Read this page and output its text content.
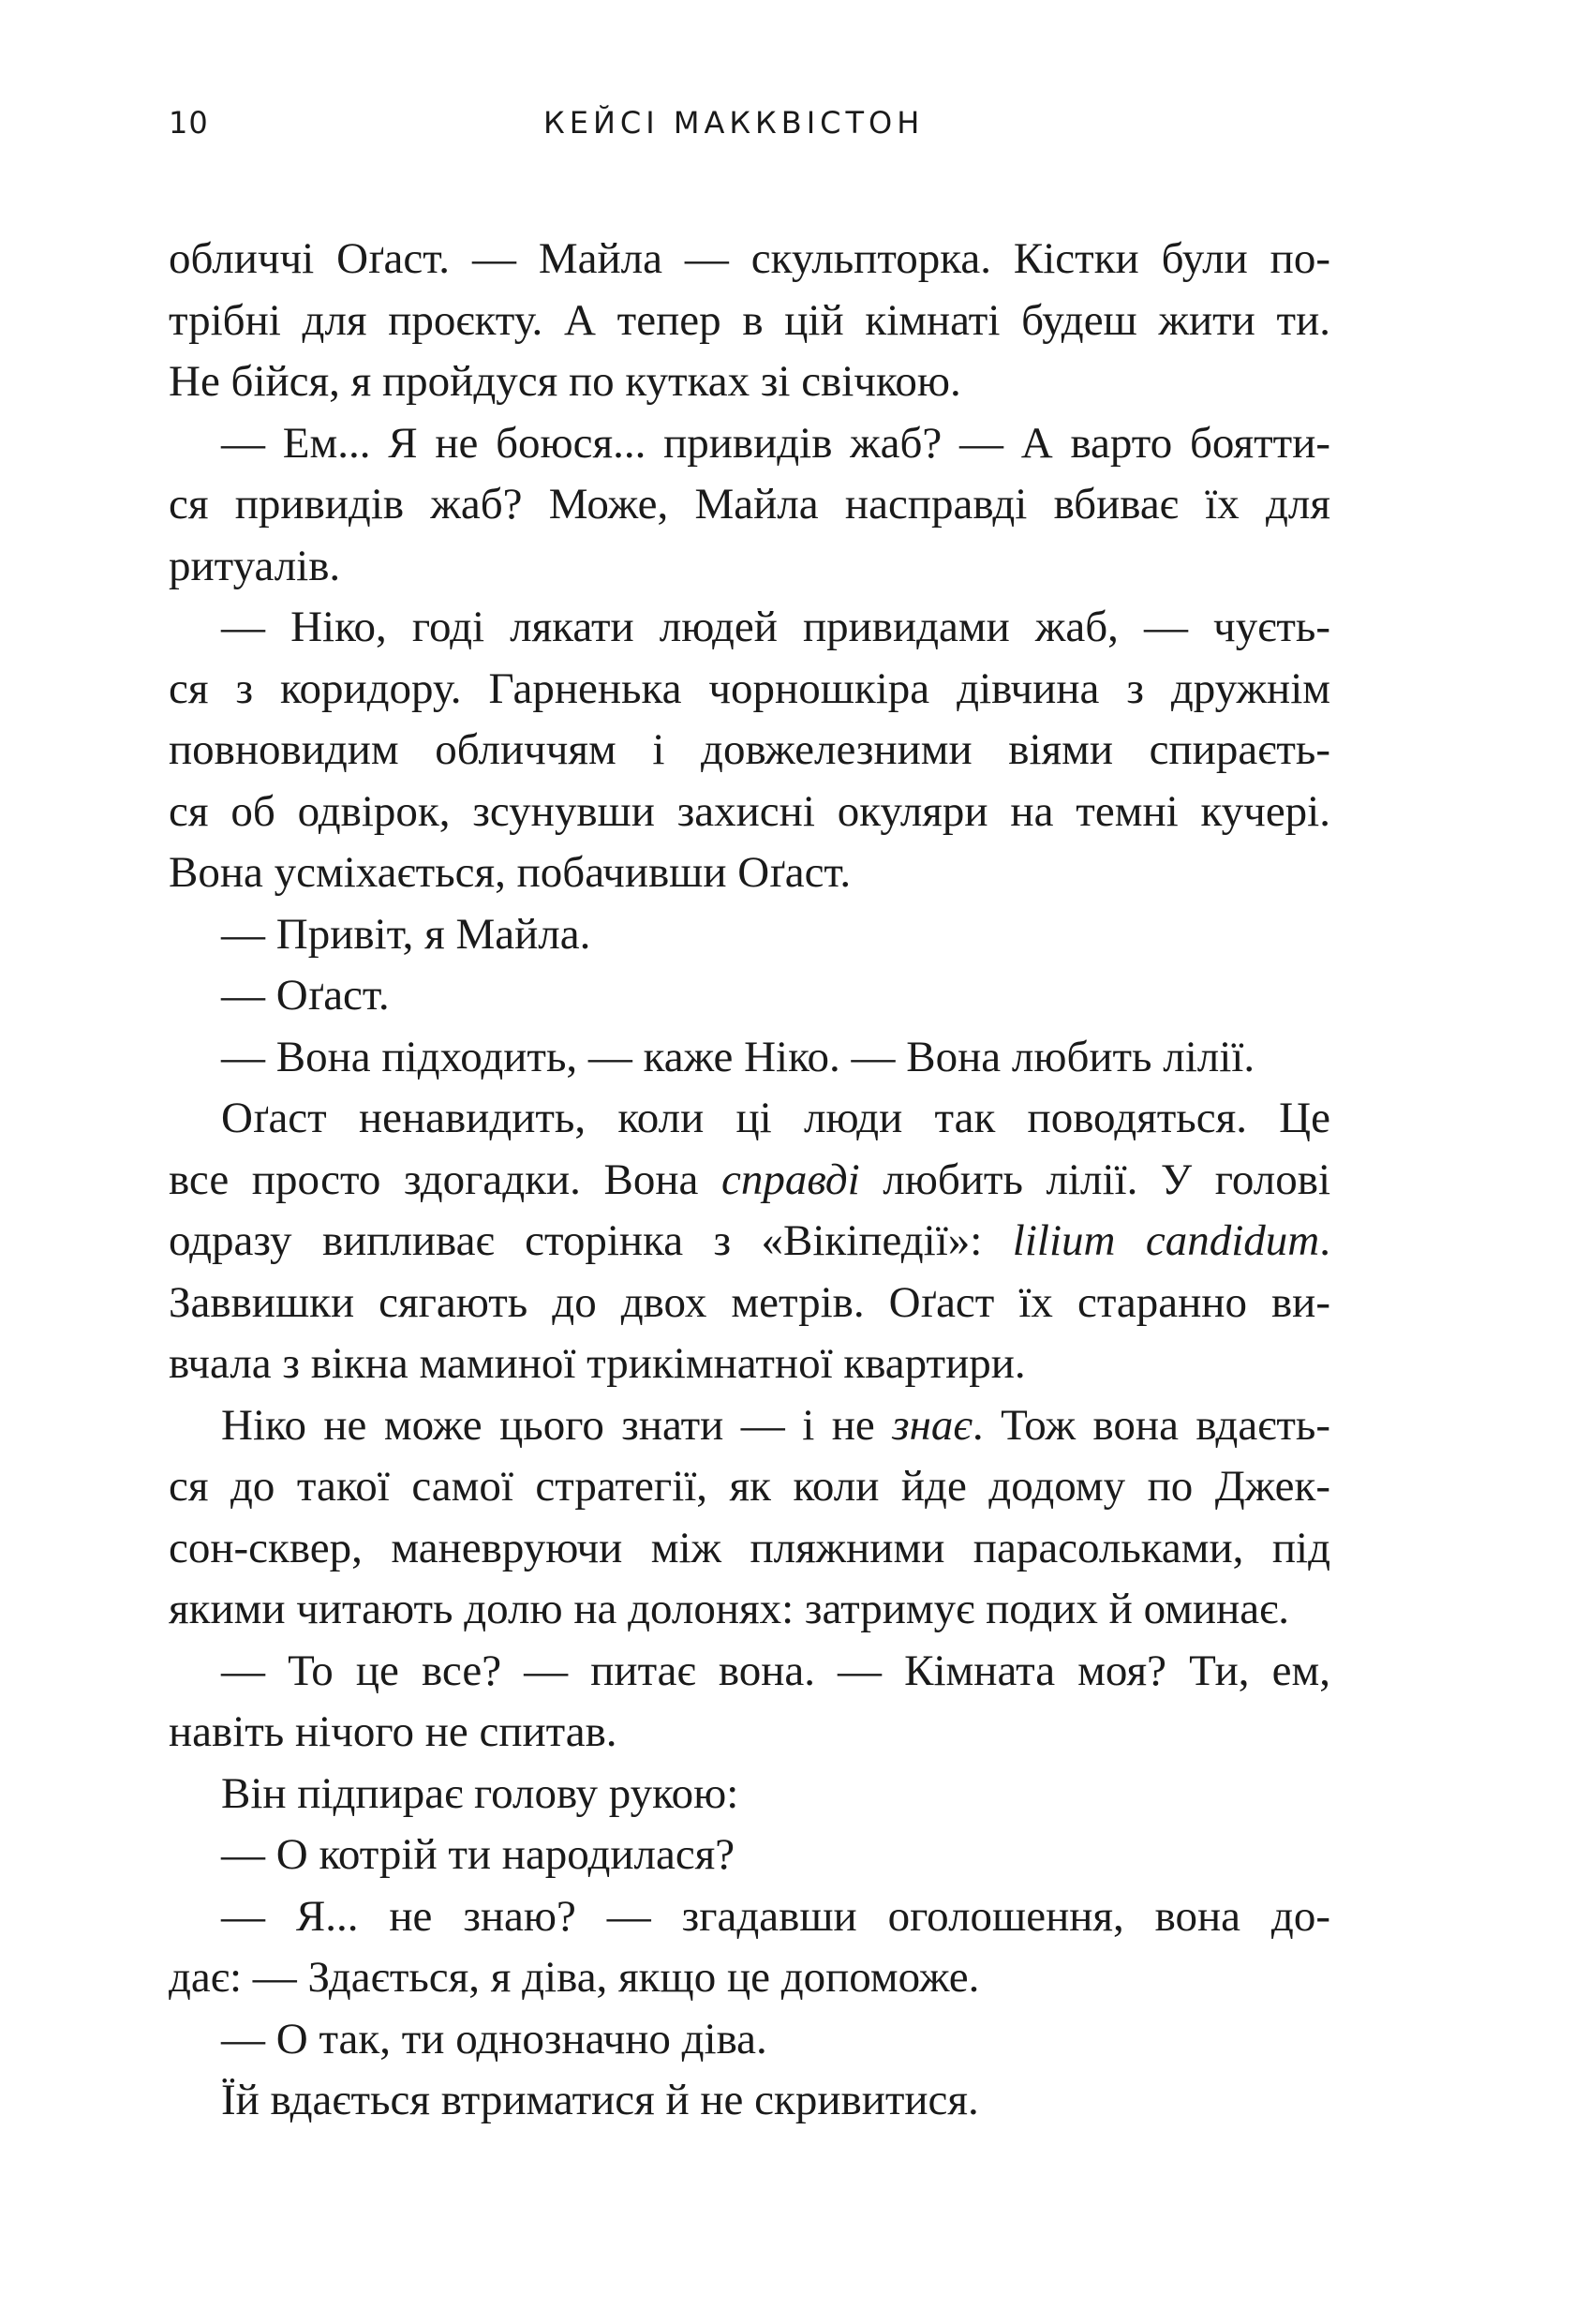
10	КЕЙСІ МАККВІСТОН

обличчі Оґаст. — Майла — скульпторка. Кістки були по-
трібні для проєкту. А тепер в цій кімнаті будеш жити ти.
Не бійся, я пройдуся по кутках зі свічкою.

— Ем... Я не боюся... привидів жаб? — А варто боятти-
ся привидів жаб? Може, Майла насправді вбиває їх для
ритуалів.

— Ніко, годі лякати людей привидами жаб, — чуєть-
ся з коридору. Гарненька чорношкіра дівчина з дружнім
повновидим обличчям і довжелезними віями спираєть-
ся об одвірок, зсунувши захисні окуляри на темні кучері.
Вона усміхається, побачивши Оґаст.

— Привіт, я Майла.

— Оґаст.

— Вона підходить, — каже Ніко. — Вона любить лілії.

Оґаст ненавидить, коли ці люди так поводяться. Це
все просто здогадки. Вона справді любить лілії. У голові
одразу випливає сторінка з «Вікіпедії»: lilium candidum.
Заввишки сягають до двох метрів. Оґаст їх старанно ви-
вчала з вікна маминої трикімнатної квартири.

Ніко не може цього знати — і не знає. Тож вона вдаєть-
ся до такої самої стратегії, як коли йде додому по Джек-
сон-сквер, маневруючи між пляжними парасольками, під
якими читають долю на долонях: затримує подих й оминає.

— То це все? — питає вона. — Кімната моя? Ти, ем,
навіть нічого не спитав.

Він підпирає голову рукою:

— О котрій ти народилася?

— Я... не знаю? — згадавши оголошення, вона до-
дає: — Здається, я діва, якщо це допоможе.

— О так, ти однозначно діва.

Їй вдається втриматися й не скривитися.
